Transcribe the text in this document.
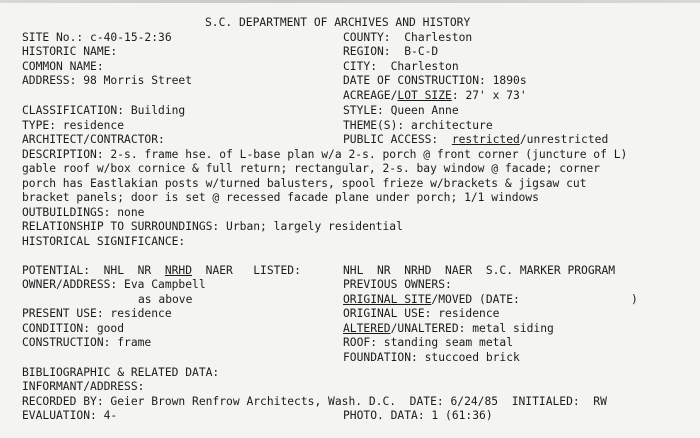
S.C. DEPARTMENT OF ARCHIVES AND HISTORY
SITE No.: c-40-15-2:36	COUNTY:  Charleston
HISTORIC NAME:	REGION:  B-C-D
COMMON NAME:	CITY:  Charleston
ADDRESS: 98 Morris Street	DATE OF CONSTRUCTION: 1890s
ACREAGE/LOT SIZE: 27' x 73'
CLASSIFICATION: Building	STYLE: Queen Anne
TYPE: residence	THEME(S): architecture
ARCHITECT/CONTRACTOR:	PUBLIC ACCESS:  restricted/unrestricted
DESCRIPTION: 2-s. frame hse. of L-base plan w/a 2-s. porch @ front corner (juncture of L)
gable roof w/box cornice & full return; rectangular, 2-s. bay window @ facade; corner
porch has Eastlakian posts w/turned balusters, spool frieze w/brackets & jigsaw cut
bracket panels; door is set @ recessed facade plane under porch; 1/1 windows
OUTBUILDINGS: none
RELATIONSHIP TO SURROUNDINGS: Urban; largely residential
HISTORICAL SIGNIFICANCE:
POTENTIAL:  NHL  NR  NRHD  NAER   LISTED:	NHL  NR  NRHD  NAER  S.C. MARKER PROGRAM
OWNER/ADDRESS: Eva Campbell	PREVIOUS OWNERS:
as above	ORIGINAL SITE/MOVED (DATE:	)
PRESENT USE: residence	ORIGINAL USE: residence
CONDITION: good	ALTERED/UNALTERED: metal siding
CONSTRUCTION: frame	ROOF: standing seam metal
FOUNDATION: stuccoed brick
BIBLIOGRAPHIC & RELATED DATA:
INFORMANT/ADDRESS:
RECORDED BY: Geier Brown Renfrow Architects, Wash. D.C.  DATE: 6/24/85  INITIALED:  RW
EVALUATION: 4-	PHOTO. DATA: 1 (61:36)
